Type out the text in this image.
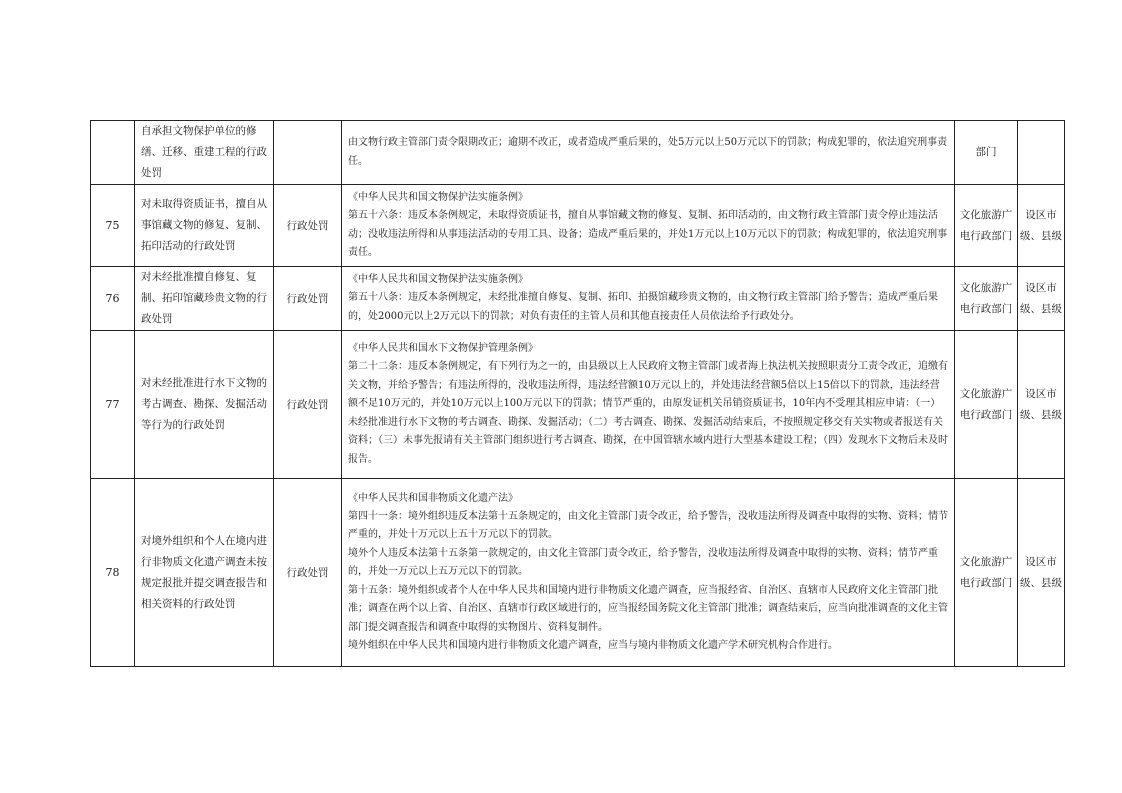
	自承担文物保护单位的修缮、迁移、重建工程的行政处罚		由文物行政主管部门责令限期改正；逾期不改正，或者造成严重后果的，处5万元以上50万元以下的罚款；构成犯罪的，依法追究刑事责任。	部门	
75	对未取得资质证书，擅自从事馆藏文物的修复、复制、拓印活动的行政处罚	行政处罚	《中华人民共和国文物保护法实施条例》
第五十六条：违反本条例规定，未取得资质证书，擅自从事馆藏文物的修复、复制、拓印活动的，由文物行政主管部门责令停止违法活动；没收违法所得和从事违法活动的专用工具、设备；造成严重后果的，并处1万元以上10万元以下的罚款；构成犯罪的，依法追究刑事责任。	文化旅游广电行政部门	设区市级、县级
76	对未经批准擅自修复、复制、拓印馆藏珍贵文物的行政处罚	行政处罚	《中华人民共和国文物保护法实施条例》
第五十八条：违反本条例规定，未经批准擅自修复、复制、拓印、拍摄馆藏珍贵文物的，由文物行政主管部门给予警告；造成严重后果的，处2000元以上2万元以下的罚款；对负有责任的主管人员和其他直接责任人员依法给予行政处分。	文化旅游广电行政部门	设区市级、县级
77	对未经批准进行水下文物的考古调查、勘探、发掘活动等行为的行政处罚	行政处罚	《中华人民共和国水下文物保护管理条例》
第二十二条：违反本条例规定，有下列行为之一的，由县级以上人民政府文物主管部门或者海上执法机关按照职责分工责令改正，追缴有关文物，并给予警告；有违法所得的，没收违法所得，违法经营额10万元以上的，并处违法经营额5倍以上15倍以下的罚款，违法经营额不足10万元的，并处10万元以上100万元以下的罚款；情节严重的，由原发证机关吊销资质证书，10年内不受理其相应申请：（一）未经批准进行水下文物的考古调查、勘探、发掘活动；（二）考古调查、勘探、发掘活动结束后，不按照规定移交有关实物或者报送有关资料；（三）未事先报请有关主管部门组织进行考古调查、勘探，在中国管辖水域内进行大型基本建设工程；（四）发现水下文物后未及时报告。	文化旅游广电行政部门	设区市级、县级
78	对境外组织和个人在境内进行非物质文化遗产调查未按规定报批并提交调查报告和相关资料的行政处罚	行政处罚	《中华人民共和国非物质文化遗产法》
第四十一条：境外组织违反本法第十五条规定的，由文化主管部门责令改正，给予警告，没收违法所得及调查中取得的实物、资料；情节严重的，并处十万元以上五十万元以下的罚款。
境外个人违反本法第十五条第一款规定的，由文化主管部门责令改正，给予警告，没收违法所得及调查中取得的实物、资料；情节严重的，并处一万元以上五万元以下的罚款。
第十五条：境外组织或者个人在中华人民共和国境内进行非物质文化遗产调查，应当报经省、自治区、直辖市人民政府文化主管部门批准；调查在两个以上省、自治区、直辖市行政区域进行的，应当报经国务院文化主管部门批准；调查结束后，应当向批准调查的文化主管部门提交调查报告和调查中取得的实物图片、资料复制件。
境外组织在中华人民共和国境内进行非物质文化遗产调查，应当与境内非物质文化遗产学术研究机构合作进行。	文化旅游广电行政部门	设区市级、县级
